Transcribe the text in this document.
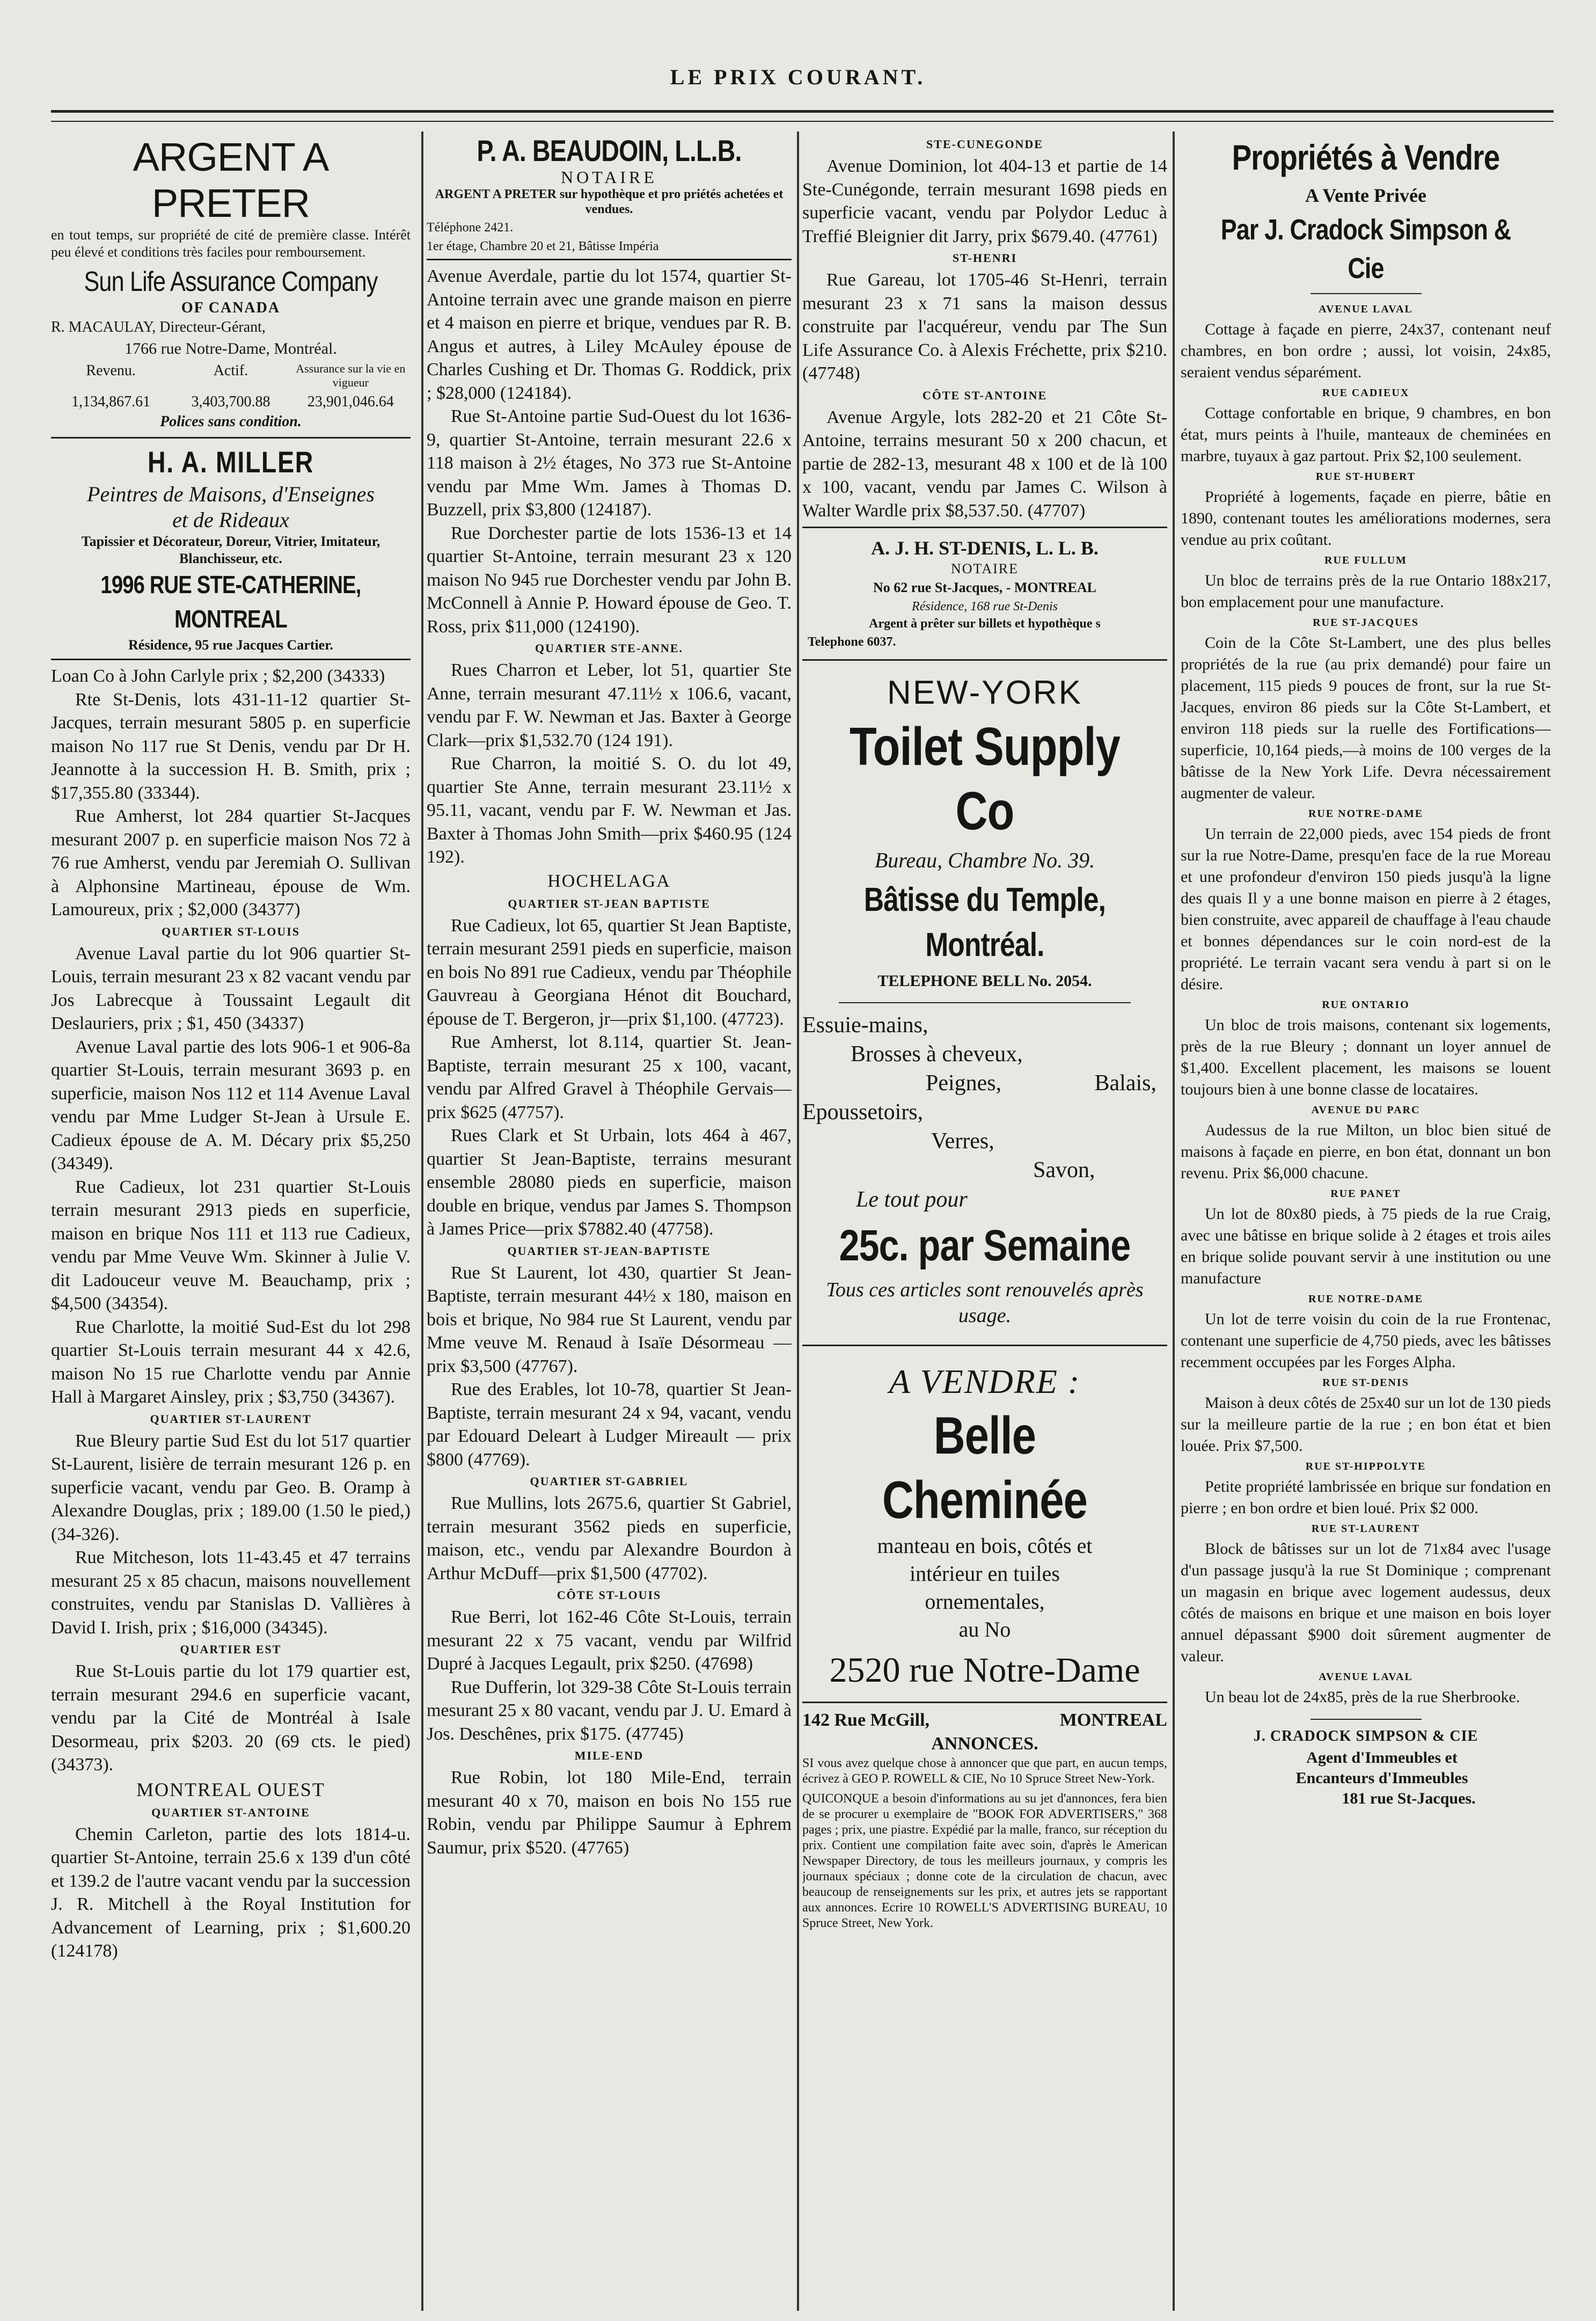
LE PRIX COURANT.
ARGENT A PRETER
en tout temps, sur propriété de cité de première classe. Intérêt peu élevé et conditions très faciles pour remboursement.
Sun Life Assurance Company
OF CANADA
R. MACAULAY, Directeur-Gérant,
1766 rue Notre-Dame, Montréal.
Revenu.	Actif.	Assurance sur la vie en vigueur
1,134,867.61	3,403,700.88	23,901,046.64
Polices sans condition.
H. A. MILLER
Peintres de Maisons, d'Enseignes
et de Rideaux
Tapissier et Décorateur, Doreur, Vitrier, Imitateur, Blanchisseur, etc.
1996 RUE STE-CATHERINE, MONTREAL
Résidence, 95 rue Jacques Cartier.

Loan Co à John Carlyle prix ; $2,200 (34333)

Rte St-Denis, lots 431-11-12 quartier St-Jacques, terrain mesurant 5805 p. en superficie maison No 117 rue St Denis, vendu par Dr H. Jeannotte à la succession H. B. Smith, prix ; $17,355.80 (33344).

Rue Amherst, lot 284 quartier St-Jacques mesurant 2007 p. en superficie maison Nos 72 à 76 rue Amherst, vendu par Jeremiah O. Sullivan à Alphonsine Martineau, épouse de Wm. Lamoureux, prix ; $2,000 (34377)

QUARTIER ST-LOUIS

Avenue Laval partie du lot 906 quartier St-Louis, terrain mesurant 23 x 82 vacant vendu par Jos Labrecque à Toussaint Legault dit Deslauriers, prix ; $1, 450 (34337)

Avenue Laval partie des lots 906-1 et 906-8a quartier St-Louis, terrain mesurant 3693 p. en superficie, maison Nos 112 et 114 Avenue Laval vendu par Mme Ludger St-Jean à Ursule E. Cadieux épouse de A. M. Décary prix $5,250 (34349).

Rue Cadieux, lot 231 quartier St-Louis terrain mesurant 2913 pieds en superficie, maison en brique Nos 111 et 113 rue Cadieux, vendu par Mme Veuve Wm. Skinner à Julie V. dit Ladouceur veuve M. Beauchamp, prix ; $4,500 (34354).

Rue Charlotte, la moitié Sud-Est du lot 298 quartier St-Louis terrain mesurant 44 x 42.6, maison No 15 rue Charlotte vendu par Annie Hall à Margaret Ainsley, prix ; $3,750 (34367).

QUARTIER ST-LAURENT

Rue Bleury partie Sud Est du lot 517 quartier St-Laurent, lisière de terrain mesurant 126 p. en superficie vacant, vendu par Geo. B. Oramp à Alexandre Douglas, prix ; 189.00 (1.50 le pied,) (34-326).

Rue Mitcheson, lots 11-43.45 et 47 terrains mesurant 25 x 85 chacun, maisons nouvellement construites, vendu par Stanislas D. Vallières à David I. Irish, prix ; $16,000 (34345).

QUARTIER EST

Rue St-Louis partie du lot 179 quartier est, terrain mesurant 294.6 en superficie vacant, vendu par la Cité de Montréal à Isale Desormeau, prix $203. 20 (69 cts. le pied) (34373).

MONTREAL OUEST
QUARTIER ST-ANTOINE

Chemin Carleton, partie des lots 1814-u. quartier St-Antoine, terrain 25.6 x 139 d'un côté et 139.2 de l'autre vacant vendu par la succession J. R. Mitchell à the Royal Institution for Advancement of Learning, prix ; $1,600.20 (124178)

P. A. BEAUDOIN, L.L.B.
NOTAIRE
ARGENT A PRETER sur hypothèque et pro priétés achetées et vendues.
Téléphone 2421.
1er étage, Chambre 20 et 21, Bâtisse Impéria

Avenue Averdale, partie du lot 1574, quartier St-Antoine terrain avec une grande maison en pierre et 4 maison en pierre et brique, vendues par R. B. Angus et autres, à Liley McAuley épouse de Charles Cushing et Dr. Thomas G. Roddick, prix ; $28,000 (124184).

Rue St-Antoine partie Sud-Ouest du lot 1636-9, quartier St-Antoine, terrain mesurant 22.6 x 118 maison à 2½ étages, No 373 rue St-Antoine vendu par Mme Wm. James à Thomas D. Buzzell, prix $3,800 (124187).

Rue Dorchester partie de lots 1536-13 et 14 quartier St-Antoine, terrain mesurant 23 x 120 maison No 945 rue Dorchester vendu par John B. McConnell à Annie P. Howard épouse de Geo. T. Ross, prix $11,000 (124190).

QUARTIER STE-ANNE.

Rues Charron et Leber, lot 51, quartier Ste Anne, terrain mesurant 47.11½ x 106.6, vacant, vendu par F. W. Newman et Jas. Baxter à George Clark—prix $1,532.70 (124 191).

Rue Charron, la moitié S. O. du lot 49, quartier Ste Anne, terrain mesurant 23.11½ x 95.11, vacant, vendu par F. W. Newman et Jas. Baxter à Thomas John Smith—prix $460.95 (124 192).

HOCHELAGA
QUARTIER ST-JEAN BAPTISTE

Rue Cadieux, lot 65, quartier St Jean Baptiste, terrain mesurant 2591 pieds en superficie, maison en bois No 891 rue Cadieux, vendu par Théophile Gauvreau à Georgiana Hénot dit Bouchard, épouse de T. Bergeron, jr—prix $1,100. (47723).

Rue Amherst, lot 8.114, quartier St. Jean-Baptiste, terrain mesurant 25 x 100, vacant, vendu par Alfred Gravel à Théophile Gervais—prix $625 (47757).

Rues Clark et St Urbain, lots 464 à 467, quartier St Jean-Baptiste, terrains mesurant ensemble 28080 pieds en superficie, maison double en brique, vendus par James S. Thompson à James Price—prix $7882.40 (47758).

QUARTIER ST-JEAN-BAPTISTE

Rue St Laurent, lot 430, quartier St Jean-Baptiste, terrain mesurant 44½ x 180, maison en bois et brique, No 984 rue St Laurent, vendu par Mme veuve M. Renaud à Isaïe Désormeau — prix $3,500 (47767).

Rue des Erables, lot 10-78, quartier St Jean-Baptiste, terrain mesurant 24 x 94, vacant, vendu par Edouard Deleart à Ludger Mireault — prix $800 (47769).

QUARTIER ST-GABRIEL

Rue Mullins, lots 2675.6, quartier St Gabriel, terrain mesurant 3562 pieds en superficie, maison, etc., vendu par Alexandre Bourdon à Arthur McDuff—prix $1,500 (47702).

CÔTE ST-LOUIS

Rue Berri, lot 162-46 Côte St-Louis, terrain mesurant 22 x 75 vacant, vendu par Wilfrid Dupré à Jacques Legault, prix $250. (47698)

Rue Dufferin, lot 329-38 Côte St-Louis terrain mesurant 25 x 80 vacant, vendu par J. U. Emard à Jos. Deschênes, prix $175. (47745)

MILE-END

Rue Robin, lot 180 Mile-End, terrain mesurant 40 x 70, maison en bois No 155 rue Robin, vendu par Philippe Saumur à Ephrem Saumur, prix $520. (47765)

STE-CUNEGONDE

Avenue Dominion, lot 404-13 et partie de 14 Ste-Cunégonde, terrain mesurant 1698 pieds en superficie vacant, vendu par Polydor Leduc à Treffié Bleignier dit Jarry, prix $679.40. (47761)

ST-HENRI

Rue Gareau, lot 1705-46 St-Henri, terrain mesurant 23 x 71 sans la maison dessus construite par l'acquéreur, vendu par The Sun Life Assurance Co. à Alexis Fréchette, prix $210. (47748)

CÔTE ST-ANTOINE

Avenue Argyle, lots 282-20 et 21 Côte St-Antoine, terrains mesurant 50 x 200 chacun, et partie de 282-13, mesurant 48 x 100 et de là 100 x 100, vacant, vendu par James C. Wilson à Walter Wardle prix $8,537.50. (47707)

A. J. H. ST-DENIS, L. L. B.
NOTAIRE
No 62 rue St-Jacques, - MONTREAL
Résidence, 168 rue St-Denis
Argent à prêter sur billets et hypothèque s
Telephone 6037.
NEW-YORK
Toilet Supply Co
Bureau, Chambre No. 39.
Bâtisse du Temple, Montréal.
TELEPHONE BELL No. 2054.
Essuie-mains,
Brosses à cheveux,
Peignes,	Balais,
Epoussetoirs,
Verres,
Savon,
Le tout pour
25c. par Semaine
Tous ces articles sont renouvelés après usage.
A VENDRE :
Belle Cheminée
manteau en bois, côtés et
intérieur en tuiles
ornementales,
au No
2520 rue Notre-Dame
142 Rue McGill,	MONTREAL
ANNONCES.

SI vous avez quelque chose à annoncer que que part, en aucun temps, écrivez à GEO P. ROWELL & CIE, No 10 Spruce Street New-York.

QUICONQUE a besoin d'informations au su jet d'annonces, fera bien de se procurer u exemplaire de "BOOK FOR ADVERTISERS," 368 pages ; prix, une piastre. Expédié par la malle, franco, sur réception du prix. Contient une compilation faite avec soin, d'après le American Newspaper Directory, de tous les meilleurs journaux, y compris les journaux spéciaux ; donne cote de la circulation de chacun, avec beaucoup de renseignements sur les prix, et autres jets se rapportant aux annonces. Ecrire 10 ROWELL'S ADVERTISING BUREAU, 10 Spruce Street, New York.

Propriétés à Vendre
A Vente Privée
Par J. Cradock Simpson & Cie
AVENUE LAVAL

Cottage à façade en pierre, 24x37, contenant neuf chambres, en bon ordre ; aussi, lot voisin, 24x85, seraient vendus séparément.

RUE CADIEUX

Cottage confortable en brique, 9 chambres, en bon état, murs peints à l'huile, manteaux de cheminées en marbre, tuyaux à gaz partout. Prix $2,100 seulement.

RUE ST-HUBERT

Propriété à logements, façade en pierre, bâtie en 1890, contenant toutes les améliorations modernes, sera vendue au prix coûtant.

RUE FULLUM

Un bloc de terrains près de la rue Ontario 188x217, bon emplacement pour une manufacture.

RUE ST-JACQUES

Coin de la Côte St-Lambert, une des plus belles propriétés de la rue (au prix demandé) pour faire un placement, 115 pieds 9 pouces de front, sur la rue St-Jacques, environ 86 pieds sur la Côte St-Lambert, et environ 118 pieds sur la ruelle des Fortifications—superficie, 10,164 pieds,—à moins de 100 verges de la bâtisse de la New York Life. Devra nécessairement augmenter de valeur.

RUE NOTRE-DAME

Un terrain de 22,000 pieds, avec 154 pieds de front sur la rue Notre-Dame, presqu'en face de la rue Moreau et une profondeur d'environ 150 pieds jusqu'à la ligne des quais Il y a une bonne maison en pierre à 2 étages, bien construite, avec appareil de chauffage à l'eau chaude et bonnes dépendances sur le coin nord-est de la propriété. Le terrain vacant sera vendu à part si on le désire.

RUE ONTARIO

Un bloc de trois maisons, contenant six logements, près de la rue Bleury ; donnant un loyer annuel de $1,400. Excellent placement, les maisons se louent toujours bien à une bonne classe de locataires.

AVENUE DU PARC

Audessus de la rue Milton, un bloc bien situé de maisons à façade en pierre, en bon état, donnant un bon revenu. Prix $6,000 chacune.

RUE PANET

Un lot de 80x80 pieds, à 75 pieds de la rue Craig, avec une bâtisse en brique solide à 2 étages et trois ailes en brique solide pouvant servir à une institution ou une manufacture

RUE NOTRE-DAME

Un lot de terre voisin du coin de la rue Frontenac, contenant une superficie de 4,750 pieds, avec les bâtisses recemment occupées par les Forges Alpha.

RUE ST-DENIS

Maison à deux côtés de 25x40 sur un lot de 130 pieds sur la meilleure partie de la rue ; en bon état et bien louée. Prix $7,500.

RUE ST-HIPPOLYTE

Petite propriété lambrissée en brique sur fondation en pierre ; en bon ordre et bien loué. Prix $2 000.

RUE ST-LAURENT

Block de bâtisses sur un lot de 71x84 avec l'usage d'un passage jusqu'à la rue St Dominique ; comprenant un magasin en brique avec logement audessus, deux côtés de maisons en brique et une maison en bois loyer annuel dépassant $900 doit sûrement augmenter de valeur.

AVENUE LAVAL

Un beau lot de 24x85, près de la rue Sherbrooke.

J. CRADOCK SIMPSON & CIE
Agent d'Immeubles et
Encanteurs d'Immeubles
181 rue St-Jacques.
